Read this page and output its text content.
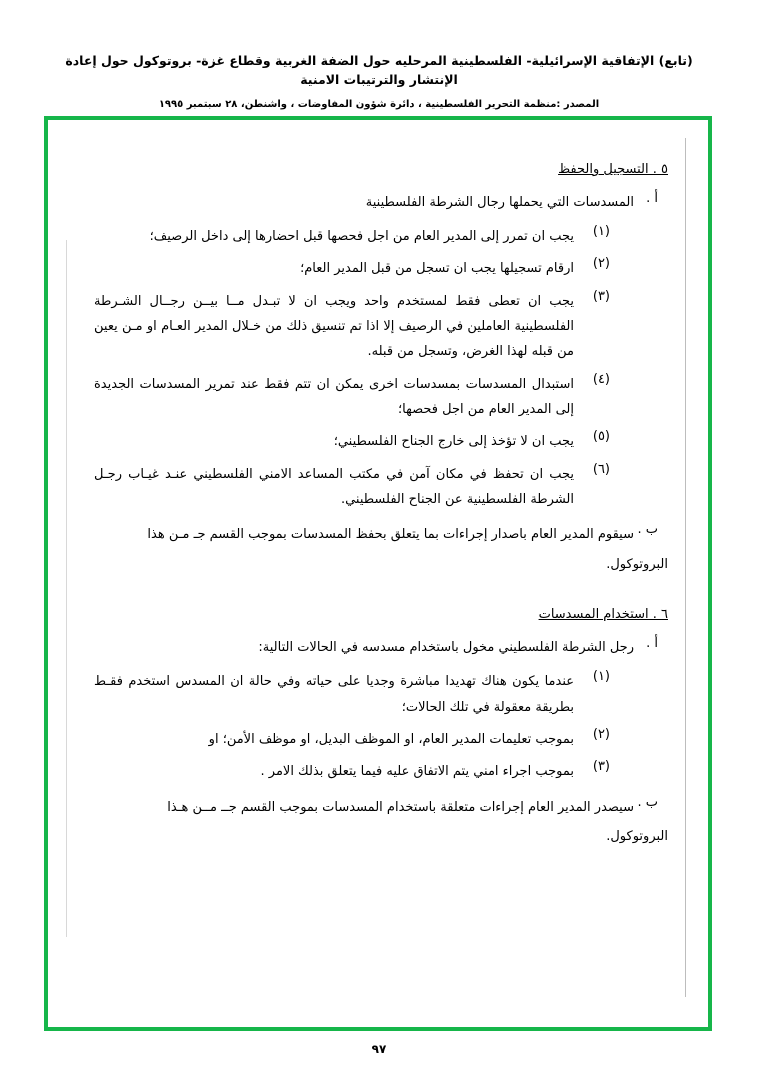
(تابع) الإتفاقية الإسرائيلية- الفلسطينية المرحليه حول الضفة الغربية وقطاع غزة- بروتوكول حول إعادة الإنتشار والترتيبات الامنية
المصدر :منظمة التحرير الفلسطينية ، دائرة شؤون المفاوضات ، واشنطن، ٢٨ سبتمبر ١٩٩٥
٥ . التسجيل والحفظ
أ .
المسدسات التي يحملها رجال الشرطة الفلسطينية
(١)
يجب ان تمرر إلى المدير العام من اجل فحصها قبل احضارها إلى داخل الرصيف؛
(٢)
ارقام تسجيلها يجب ان تسجل من قبل المدير العام؛
(٣)
يجب ان تعطى فقط لمستخدم واحد ويجب ان لا تبـدل مــا بيــن رجــال الشـرطة الفلسطينية العاملين في الرصيف إلا اذا تم تنسيق ذلك من خـلال المدير العـام او مـن يعين من قبله لهذا الغرض، وتسجل من قبله.
(٤)
استبدال المسدسات بمسدسات اخرى يمكن ان تتم فقط عند تمرير المسدسات الجديدة إلى المدير العام من اجل فحصها؛
(٥)
يجب ان لا تؤخذ إلى خارج الجناح الفلسطيني؛
(٦)
يجب ان تحفظ في مكان آمن في مكتب المساعد الامني الفلسطيني عنـد غيـاب رجـل الشرطة الفلسطينية عن الجناح الفلسطيني.
ب .
سيقوم المدير العام باصدار إجراءات بما يتعلق بحفظ المسدسات بموجب القسم جـ مـن هذا
البروتوكول.
٦ . استخدام المسدسات
أ .
رجل الشرطة الفلسطيني مخول باستخدام مسدسه في الحالات التالية:
(١)
عندما يكون هناك تهديدا مباشرة وجديا على حياته وفي حالة ان المسدس استخدم فقـط بطريقة معقولة في تلك الحالات؛
(٢)
بموجب تعليمات المدير العام، او الموظف البديل، او موظف الأمن؛ او
(٣)
بموجب اجراء امني يتم الاتفاق عليه فيما يتعلق بذلك الامر .
ب .
سيصدر المدير العام إجراءات متعلقة باستخدام المسدسات بموجب القسم جــ مــن هـذا
البروتوكول.
٩٧
